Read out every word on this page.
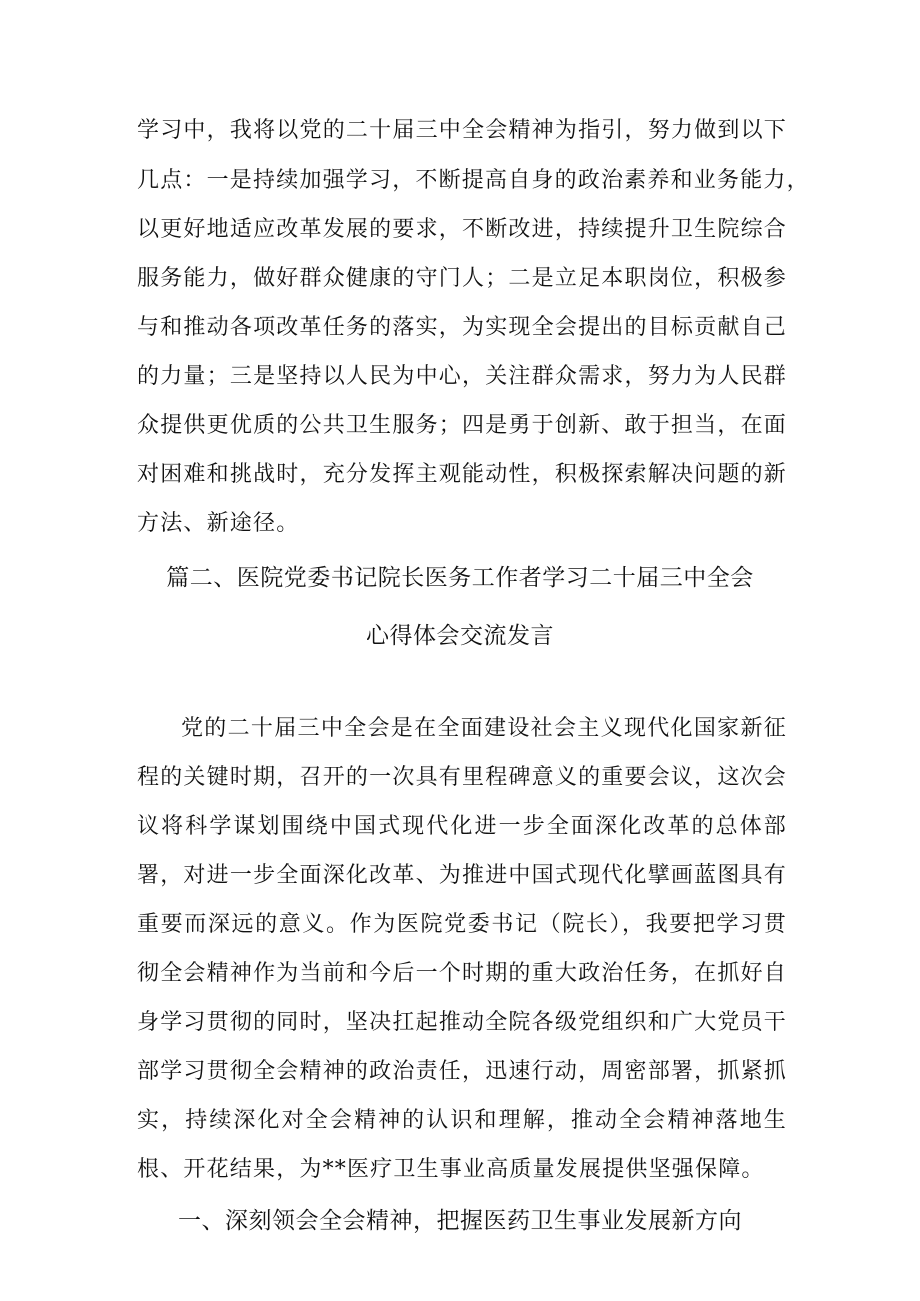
学习中，我将以党的二十届三中全会精神为指引，努力做到以下
几点：一是持续加强学习，不断提高自身的政治素养和业务能力，
以更好地适应改革发展的要求，不断改进，持续提升卫生院综合
服务能力，做好群众健康的守门人；二是立足本职岗位，积极参
与和推动各项改革任务的落实，为实现全会提出的目标贡献自己
的力量；三是坚持以人民为中心，关注群众需求，努力为人民群
众提供更优质的公共卫生服务；四是勇于创新、敢于担当，在面
对困难和挑战时，充分发挥主观能动性，积极探索解决问题的新
方法、新途径。
篇二、医院党委书记院长医务工作者学习二十届三中全会
心得体会交流发言
党的二十届三中全会是在全面建设社会主义现代化国家新征
程的关键时期，召开的一次具有里程碑意义的重要会议，这次会
议将科学谋划围绕中国式现代化进一步全面深化改革的总体部
署，对进一步全面深化改革、为推进中国式现代化擘画蓝图具有
重要而深远的意义。作为医院党委书记（院长），我要把学习贯
彻全会精神作为当前和今后一个时期的重大政治任务，在抓好自
身学习贯彻的同时，坚决扛起推动全院各级党组织和广大党员干
部学习贯彻全会精神的政治责任，迅速行动，周密部署，抓紧抓
实，持续深化对全会精神的认识和理解，推动全会精神落地生
根、开花结果，为**医疗卫生事业高质量发展提供坚强保障。
一、深刻领会全会精神，把握医药卫生事业发展新方向
